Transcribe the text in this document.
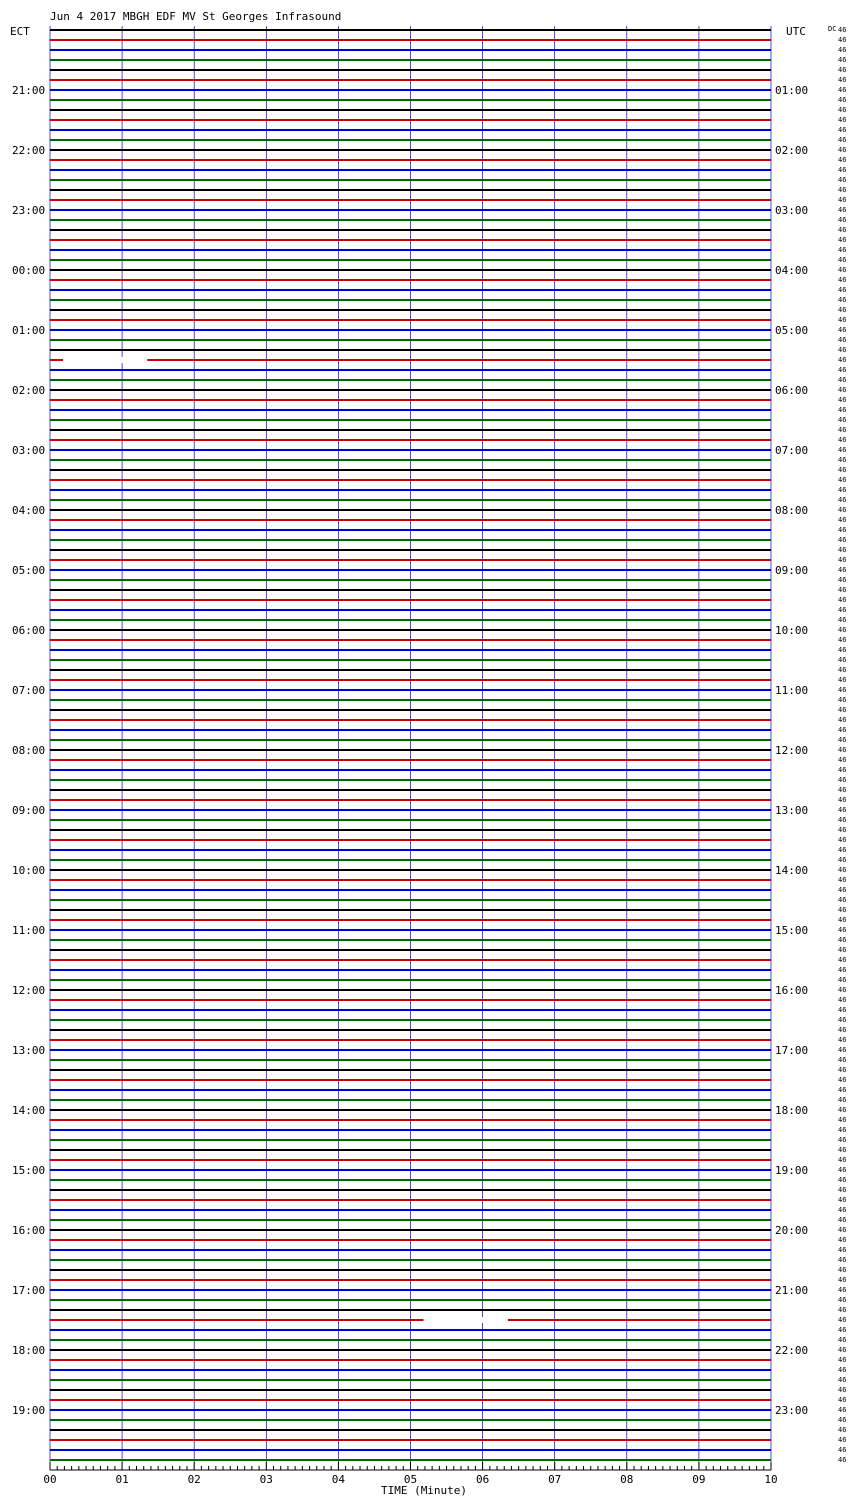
Jun 4 2017 MBGH EDF MV St Georges Infrasound
ECT	UTC	DC
TIME (Minute)
21:00
22:00
23:00
00:00
01:00
02:00
03:00
04:00
05:00
06:00
07:00
08:00
09:00
10:00
11:00
12:00
13:00
14:00
15:00
16:00
17:00
18:00
19:00
01:00
02:00
03:00
04:00
05:00
06:00
07:00
08:00
09:00
10:00
11:00
12:00
13:00
14:00
15:00
16:00
17:00
18:00
19:00
20:00
21:00
22:00
23:00
46
46
46
46
46
46
46
46
46
46
46
46
46
46
46
46
46
46
46
46
46
46
46
46
46
46
46
46
46
46
46
46
46
46
46
46
46
46
46
46
46
46
46
46
46
46
46
46
46
46
46
46
46
46
46
46
46
46
46
46
46
46
46
46
46
46
46
46
46
46
46
46
46
46
46
46
46
46
46
46
46
46
46
46
46
46
46
46
46
46
46
46
46
46
46
46
46
46
46
46
46
46
46
46
46
46
46
46
46
46
46
46
46
46
46
46
46
46
46
46
46
46
46
46
46
46
46
46
46
46
46
46
46
46
46
46
46
46
46
46
46
46
46
46
00	01	02	03	04	05	06	07	08	09	10
